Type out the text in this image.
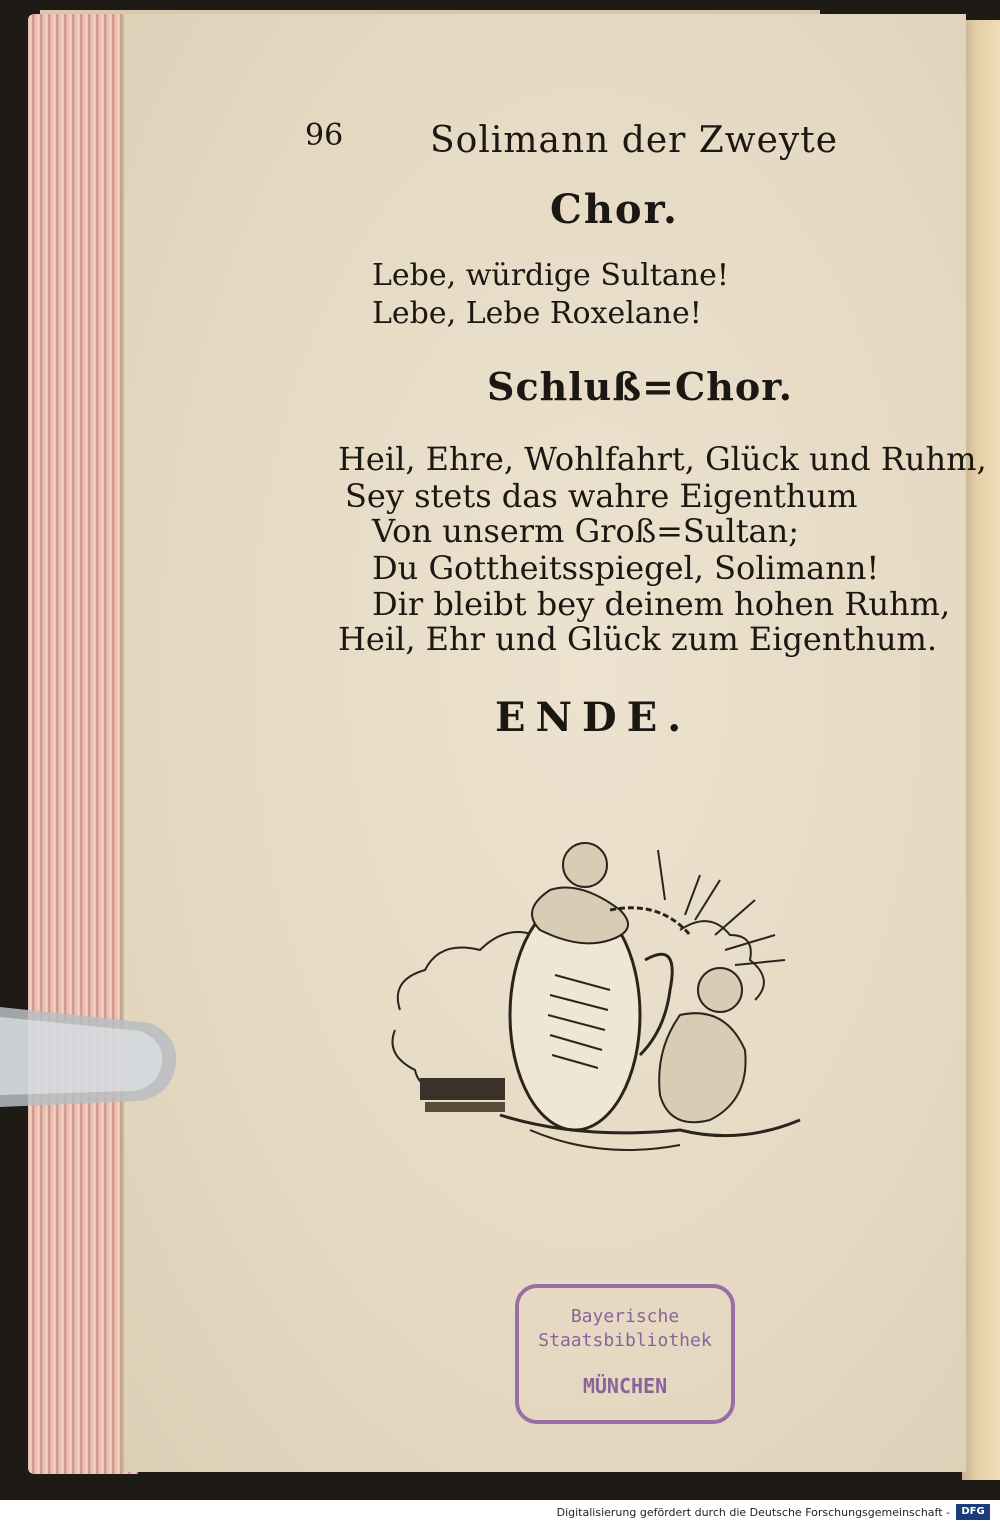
96 Solimann der Zweyte
Chor.
Lebe, würdige Sultane!
Lebe, Lebe Roxelane!
Schluß=Chor.
Heil, Ehre, Wohlfahrt, Glück und Ruhm,
Sey stets das wahre Eigenthum
Von unserm Groß=Sultan;
Du Gottheitsspiegel, Solimann!
Dir bleibt bey deinem hohen Ruhm,
Heil, Ehr und Glück zum Eigenthum.
ENDE.
Bayerische
Staatsbibliothek
MÜNCHEN
Digitalisierung gefördert durch die Deutsche Forschungsgemeinschaft -	DFG
